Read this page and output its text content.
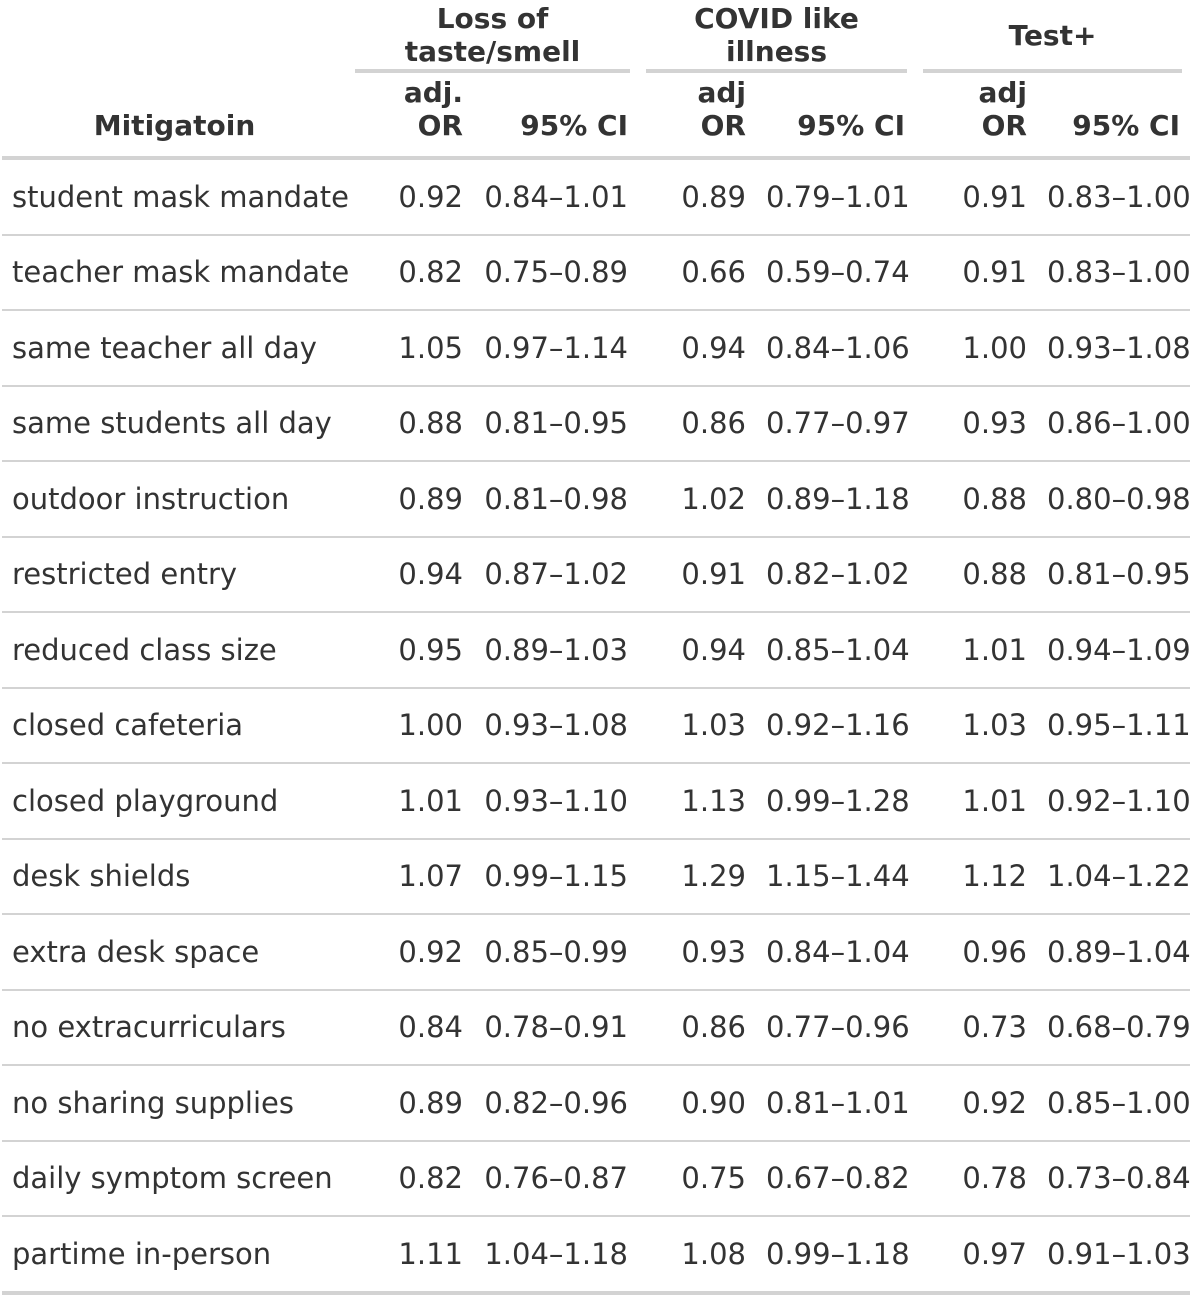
	Loss of taste/smell		COVID like illness		Test+	

Mitigatoin	adj. OR	95% CI	adj OR	95% CI	adj OR	95% CI
student mask mandate	0.92	0.84–1.01	0.89	0.79–1.01	0.91	0.83–1.00
teacher mask mandate	0.82	0.75–0.89	0.66	0.59–0.74	0.91	0.83–1.00
same teacher all day	1.05	0.97–1.14	0.94	0.84–1.06	1.00	0.93–1.08
same students all day	0.88	0.81–0.95	0.86	0.77–0.97	0.93	0.86–1.00
outdoor instruction	0.89	0.81–0.98	1.02	0.89–1.18	0.88	0.80–0.98
restricted entry	0.94	0.87–1.02	0.91	0.82–1.02	0.88	0.81–0.95
reduced class size	0.95	0.89–1.03	0.94	0.85–1.04	1.01	0.94–1.09
closed cafeteria	1.00	0.93–1.08	1.03	0.92–1.16	1.03	0.95–1.11
closed playground	1.01	0.93–1.10	1.13	0.99–1.28	1.01	0.92–1.10
desk shields	1.07	0.99–1.15	1.29	1.15–1.44	1.12	1.04–1.22
extra desk space	0.92	0.85–0.99	0.93	0.84–1.04	0.96	0.89–1.04
no extracurriculars	0.84	0.78–0.91	0.86	0.77–0.96	0.73	0.68–0.79
no sharing supplies	0.89	0.82–0.96	0.90	0.81–1.01	0.92	0.85–1.00
daily symptom screen	0.82	0.76–0.87	0.75	0.67–0.82	0.78	0.73–0.84
partime in-person	1.11	1.04–1.18	1.08	0.99–1.18	0.97	0.91–1.03
